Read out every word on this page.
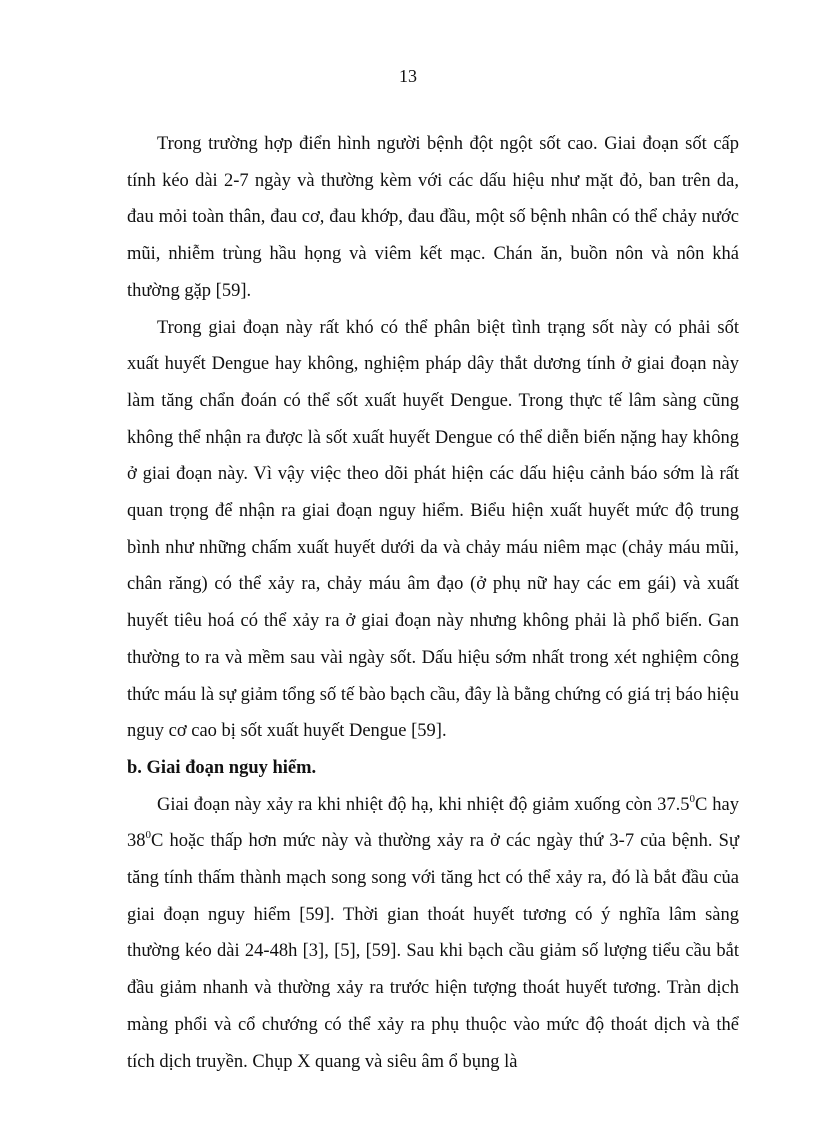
13

Trong trường hợp điển hình người bệnh đột ngột sốt cao. Giai đoạn sốt cấp tính kéo dài 2-7 ngày và thường kèm với các dấu hiệu như mặt đỏ, ban trên da, đau mỏi toàn thân, đau cơ, đau khớp, đau đầu, một số bệnh nhân có thể chảy nước mũi, nhiễm trùng hầu họng và viêm kết mạc. Chán ăn, buồn nôn và nôn khá thường gặp [59].

Trong giai đoạn này rất khó có thể phân biệt tình trạng sốt này có phải sốt xuất huyết Dengue hay không, nghiệm pháp dây thắt dương tính ở giai đoạn này làm tăng chẩn đoán có thể sốt xuất huyết Dengue. Trong thực tế lâm sàng cũng không thể nhận ra được là sốt xuất huyết Dengue có thể diễn biến nặng hay không ở giai đoạn này. Vì vậy việc theo dõi phát hiện các dấu hiệu cảnh báo sớm là rất quan trọng để nhận ra giai đoạn nguy hiểm. Biểu hiện xuất huyết mức độ trung bình như những chấm xuất huyết dưới da và chảy máu niêm mạc (chảy máu mũi, chân răng) có thể xảy ra, chảy máu âm đạo (ở phụ nữ hay các em gái) và xuất huyết tiêu hoá có thể xảy ra ở giai đoạn này nhưng không phải là phổ biến. Gan thường to ra và mềm sau vài ngày sốt. Dấu hiệu sớm nhất trong xét nghiệm công thức máu là sự giảm tổng số tế bào bạch cầu, đây là bằng chứng có giá trị báo hiệu nguy cơ cao bị sốt xuất huyết Dengue [59].

b. Giai đoạn nguy hiểm.

Giai đoạn này xảy ra khi nhiệt độ hạ, khi nhiệt độ giảm xuống còn 37.5$^0$C hay $38^0C$ hoặc thấp hơn mức này và thường xảy ra ở các ngày thứ 3-7 của bệnh. Sự tăng tính thấm thành mạch song song với tăng hct có thể xảy ra, đó là bắt đầu của giai đoạn nguy hiểm [59]. Thời gian thoát huyết tương có ý nghĩa lâm sàng thường kéo dài 24-48h [3], [5], [59]. Sau khi bạch cầu giảm số lượng tiểu cầu bắt đầu giảm nhanh và thường xảy ra trước hiện tượng thoát huyết tương. Tràn dịch màng phổi và cổ chướng có thể xảy ra phụ thuộc vào mức độ thoát dịch và thể tích dịch truyền. Chụp X quang và siêu âm ổ bụng là
